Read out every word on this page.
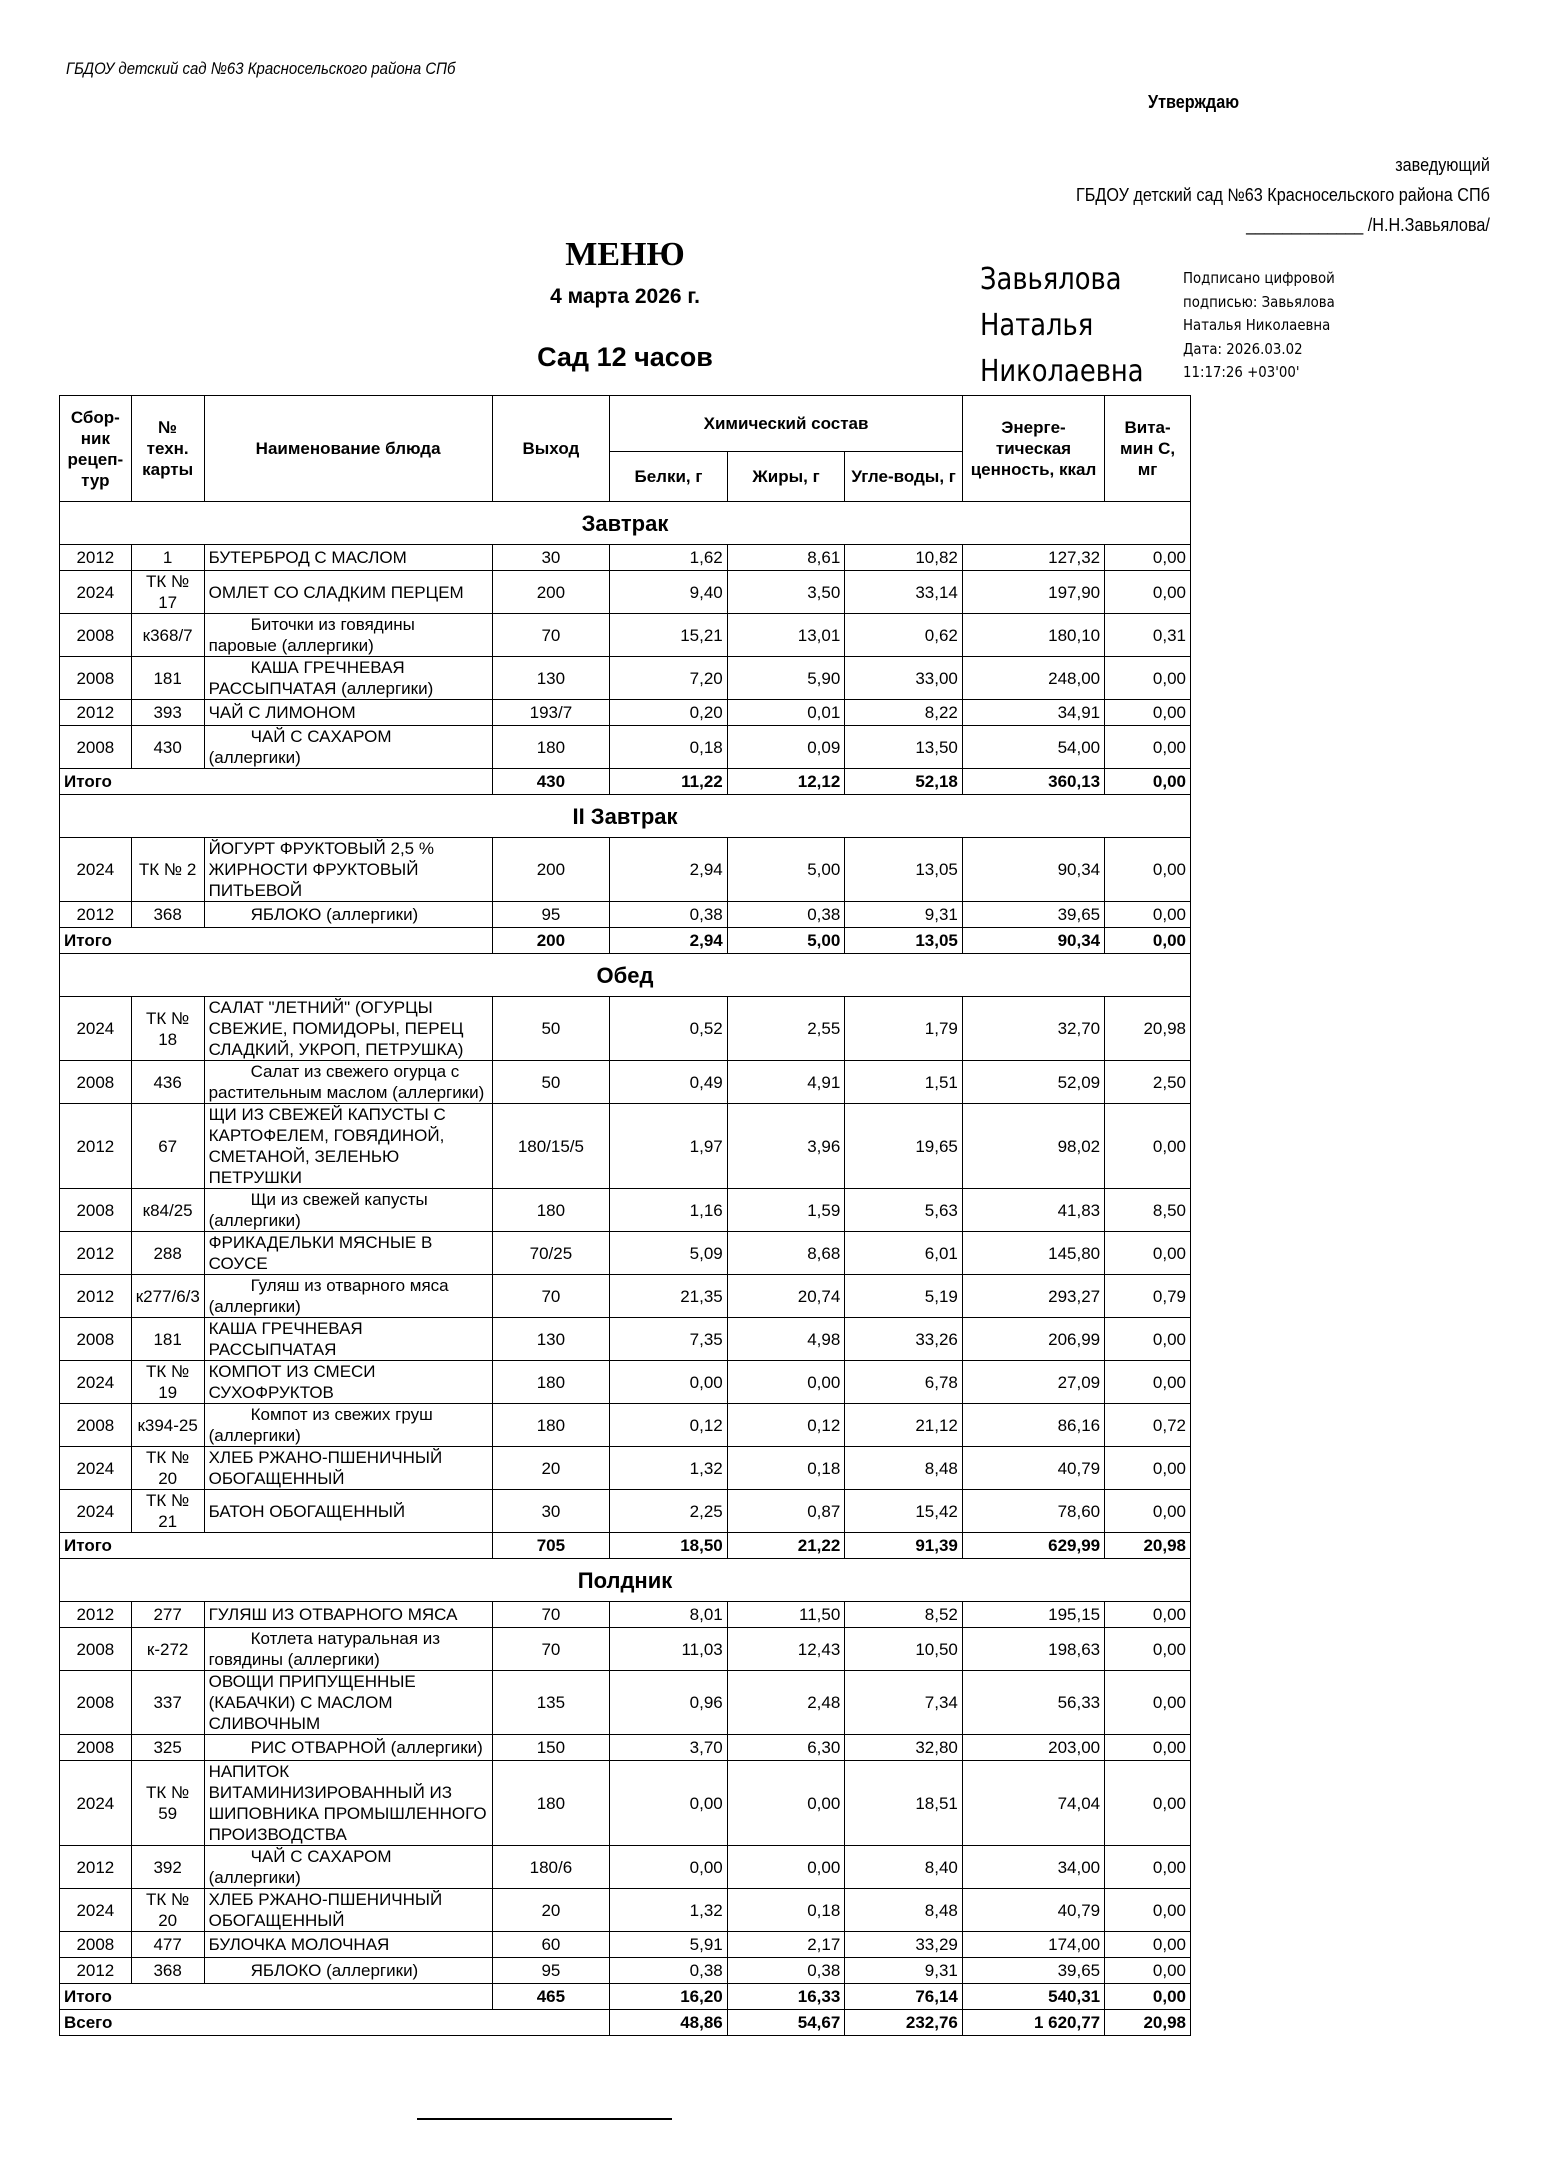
ГБДОУ детский сад №63 Красносельского района СПб
Утверждаю
заведующий
ГБДОУ детский сад №63 Красносельского района СПб
_____________ /Н.Н.Завьялова/
МЕНЮ
4 марта 2026 г.
Сад 12 часов
Завьялова
Наталья
Николаевна
Подписано цифровой
подписью: Завьялова
Наталья Николаевна
Дата: 2026.03.02
11:17:26 +03'00'
Сбор-ник рецеп-тур	№ техн. карты	Наименование блюда	Выход	Химический состав			Энерге-тическая ценность, ккал	Вита-мин С, мг
				Белки, г	Жиры, г	Угле-воды, г		
Завтрак								
2012	1	БУТЕРБРОД С МАСЛОМ	30	1,62	8,61	10,82	127,32	0,00
2024	ТК № 17	ОМЛЕТ СО СЛАДКИМ ПЕРЦЕМ	200	9,40	3,50	33,14	197,90	0,00
2008	к368/7	Биточки из говядины паровые (аллергики)	70	15,21	13,01	0,62	180,10	0,31
2008	181	КАША ГРЕЧНЕВАЯ РАССЫПЧАТАЯ (аллергики)	130	7,20	5,90	33,00	248,00	0,00
2012	393	ЧАЙ С ЛИМОНОМ	193/7	0,20	0,01	8,22	34,91	0,00
2008	430	ЧАЙ С САХАРОМ (аллергики)	180	0,18	0,09	13,50	54,00	0,00
Итого			430	11,22	12,12	52,18	360,13	0,00
II Завтрак								
2024	ТК № 2	ЙОГУРТ ФРУКТОВЫЙ 2,5 % ЖИРНОСТИ ФРУКТОВЫЙ ПИТЬЕВОЙ	200	2,94	5,00	13,05	90,34	0,00
2012	368	ЯБЛОКО (аллергики)	95	0,38	0,38	9,31	39,65	0,00
Итого			200	2,94	5,00	13,05	90,34	0,00
Обед								
2024	ТК № 18	САЛАТ "ЛЕТНИЙ" (ОГУРЦЫ СВЕЖИЕ, ПОМИДОРЫ, ПЕРЕЦ СЛАДКИЙ, УКРОП, ПЕТРУШКА)	50	0,52	2,55	1,79	32,70	20,98
2008	436	Салат из свежего огурца с растительным маслом (аллергики)	50	0,49	4,91	1,51	52,09	2,50
2012	67	ЩИ ИЗ СВЕЖЕЙ КАПУСТЫ С КАРТОФЕЛЕМ, ГОВЯДИНОЙ, СМЕТАНОЙ, ЗЕЛЕНЬЮ ПЕТРУШКИ	180/15/5	1,97	3,96	19,65	98,02	0,00
2008	к84/25	Щи из свежей капусты (аллергики)	180	1,16	1,59	5,63	41,83	8,50
2012	288	ФРИКАДЕЛЬКИ МЯСНЫЕ В СОУСЕ	70/25	5,09	8,68	6,01	145,80	0,00
2012	к277/6/3	Гуляш из отварного мяса (аллергики)	70	21,35	20,74	5,19	293,27	0,79
2008	181	КАША ГРЕЧНЕВАЯ РАССЫПЧАТАЯ	130	7,35	4,98	33,26	206,99	0,00
2024	ТК № 19	КОМПОТ ИЗ СМЕСИ СУХОФРУКТОВ	180	0,00	0,00	6,78	27,09	0,00
2008	к394-25	Компот из свежих груш (аллергики)	180	0,12	0,12	21,12	86,16	0,72
2024	ТК № 20	ХЛЕБ РЖАНО-ПШЕНИЧНЫЙ ОБОГАЩЕННЫЙ	20	1,32	0,18	8,48	40,79	0,00
2024	ТК № 21	БАТОН ОБОГАЩЕННЫЙ	30	2,25	0,87	15,42	78,60	0,00
Итого			705	18,50	21,22	91,39	629,99	20,98
Полдник								
2012	277	ГУЛЯШ ИЗ ОТВАРНОГО МЯСА	70	8,01	11,50	8,52	195,15	0,00
2008	к-272	Котлета натуральная из говядины (аллергики)	70	11,03	12,43	10,50	198,63	0,00
2008	337	ОВОЩИ ПРИПУЩЕННЫЕ (КАБАЧКИ) С МАСЛОМ СЛИВОЧНЫМ	135	0,96	2,48	7,34	56,33	0,00
2008	325	РИС ОТВАРНОЙ (аллергики)	150	3,70	6,30	32,80	203,00	0,00
2024	ТК № 59	НАПИТОК ВИТАМИНИЗИРОВАННЫЙ ИЗ ШИПОВНИКА ПРОМЫШЛЕННОГО ПРОИЗВОДСТВА	180	0,00	0,00	18,51	74,04	0,00
2012	392	ЧАЙ С САХАРОМ (аллергики)	180/6	0,00	0,00	8,40	34,00	0,00
2024	ТК № 20	ХЛЕБ РЖАНО-ПШЕНИЧНЫЙ ОБОГАЩЕННЫЙ	20	1,32	0,18	8,48	40,79	0,00
2008	477	БУЛОЧКА МОЛОЧНАЯ	60	5,91	2,17	33,29	174,00	0,00
2012	368	ЯБЛОКО (аллергики)	95	0,38	0,38	9,31	39,65	0,00
Итого			465	16,20	16,33	76,14	540,31	0,00
Всего				48,86	54,67	232,76	1 620,77	20,98
